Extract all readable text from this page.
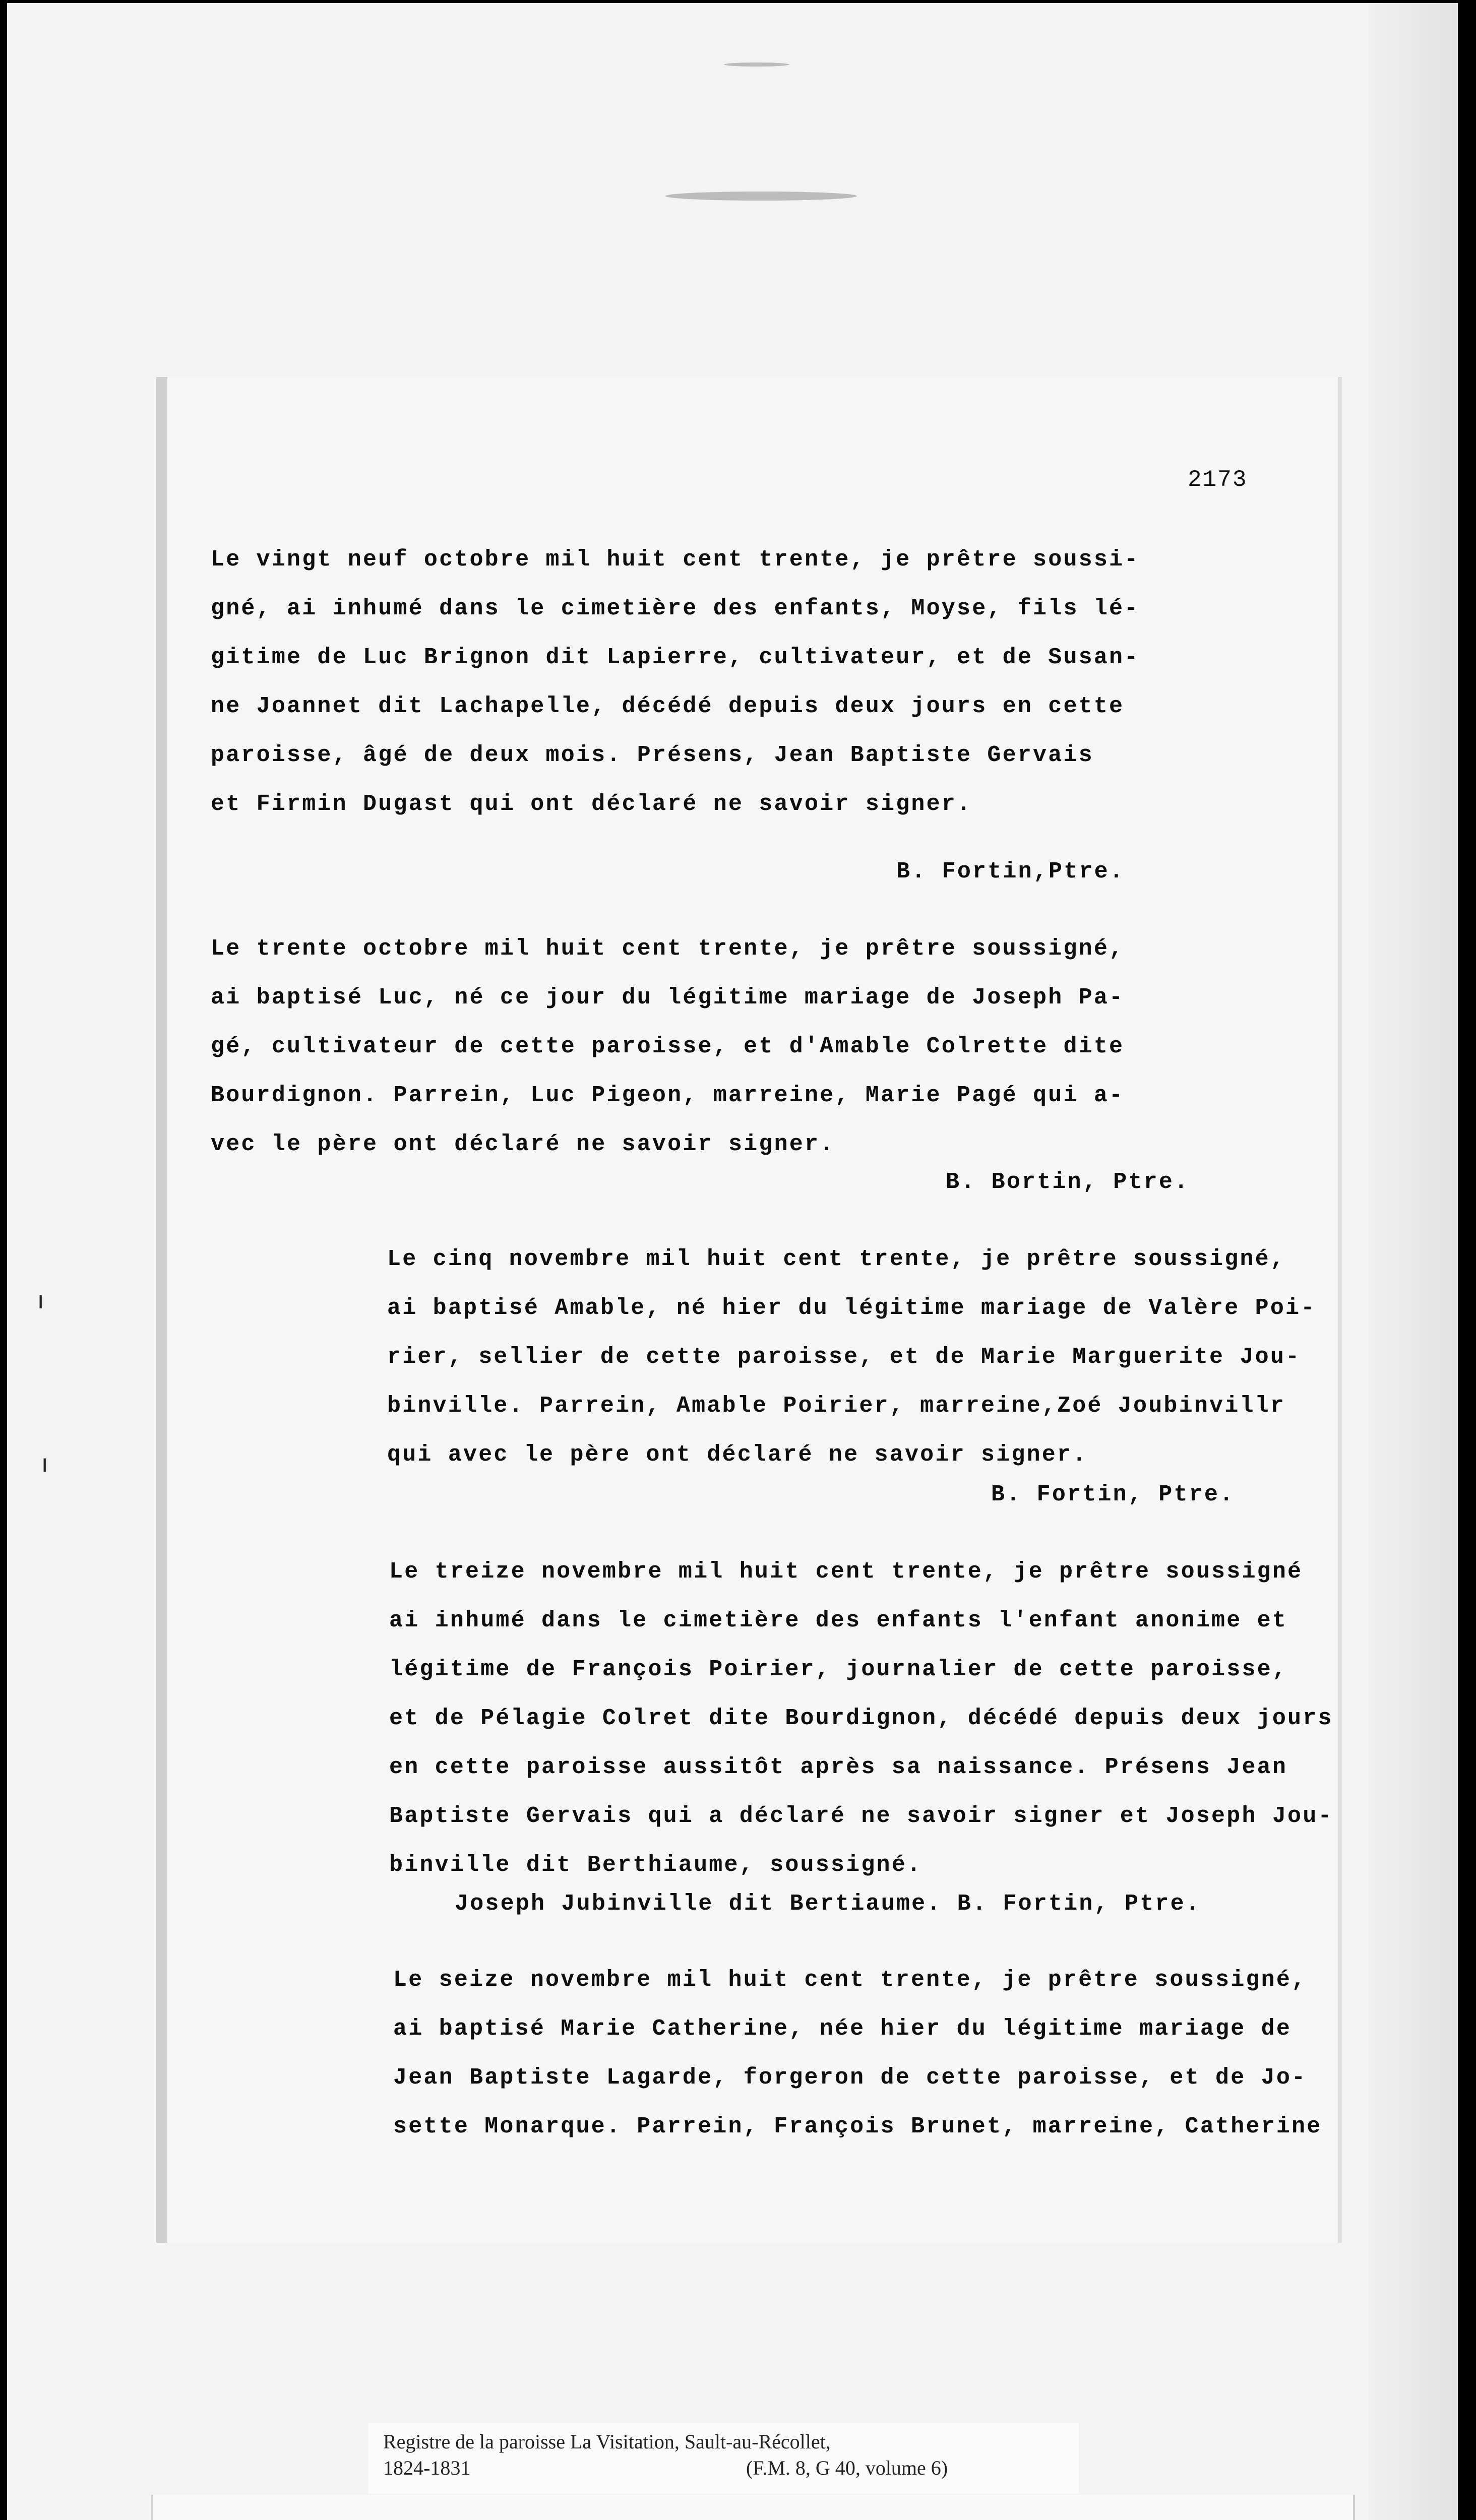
2173
Le vingt neuf octobre mil huit cent trente, je prêtre soussi-
gné, ai inhumé dans le cimetière des enfants, Moyse, fils lé-
gitime de Luc Brignon dit Lapierre, cultivateur, et de Susan-
ne Joannet dit Lachapelle, décédé depuis deux jours en cette
paroisse, âgé de deux mois. Présens, Jean Baptiste Gervais
et Firmin Dugast qui ont déclaré ne savoir signer.
B. Fortin,Ptre.
Le trente octobre mil huit cent trente, je prêtre soussigné,
ai baptisé Luc, né ce jour du légitime mariage de Joseph Pa-
gé, cultivateur de cette paroisse, et d'Amable Colrette dite
Bourdignon. Parrein, Luc Pigeon, marreine, Marie Pagé qui a-
vec le père ont déclaré ne savoir signer.
B. Bortin, Ptre.
Le cinq novembre mil huit cent trente, je prêtre soussigné,
ai baptisé Amable, né hier du légitime mariage de Valère Poi-
rier, sellier de cette paroisse, et de Marie Marguerite Jou-
binville. Parrein, Amable Poirier, marreine,Zoé Joubinvillr
qui avec le père ont déclaré ne savoir signer.
B. Fortin, Ptre.
Le treize novembre mil huit cent trente, je prêtre soussigné
ai inhumé dans le cimetière des enfants l'enfant anonime et
légitime de François Poirier, journalier de cette paroisse,
et de Pélagie Colret dite Bourdignon, décédé depuis deux jours
en cette paroisse aussitôt après sa naissance. Présens Jean
Baptiste Gervais qui a déclaré ne savoir signer et Joseph Jou-
binville dit Berthiaume, soussigné.
Joseph Jubinville dit Bertiaume. B. Fortin, Ptre.
Le seize novembre mil huit cent trente, je prêtre soussigné,
ai baptisé Marie Catherine, née hier du légitime mariage de
Jean Baptiste Lagarde, forgeron de cette paroisse, et de Jo-
sette Monarque. Parrein, François Brunet, marreine, Catherine
ı
ı
Registre de la paroisse La Visitation, Sault-au-Récollet,
1824-1831	(F.M. 8, G 40, volume 6)
